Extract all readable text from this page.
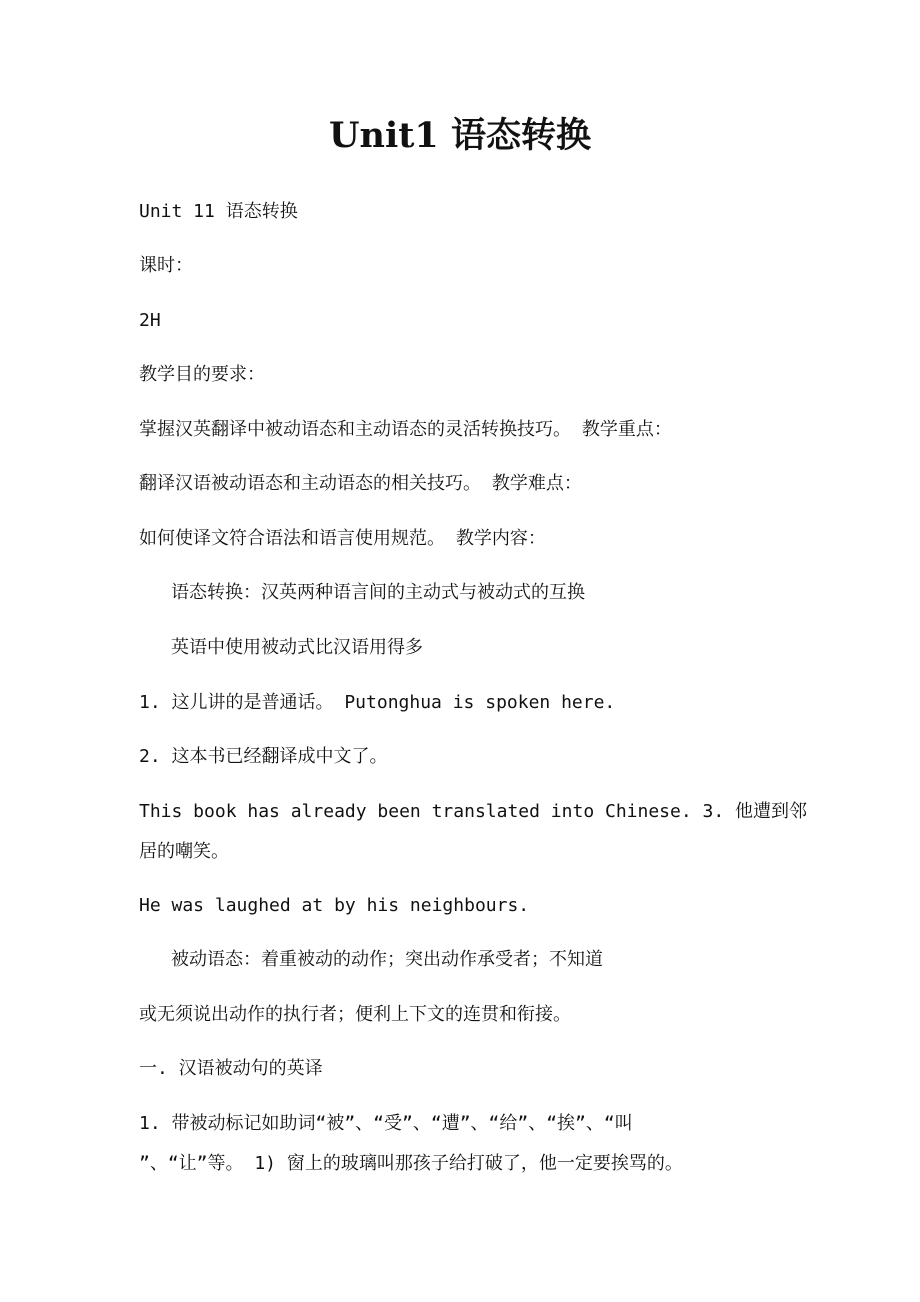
Unit1 语态转换

Unit 11 语态转换

课时：

2H

教学目的要求：

掌握汉英翻译中被动语态和主动语态的灵活转换技巧。 教学重点：

翻译汉语被动语态和主动语态的相关技巧。 教学难点：

如何使译文符合语法和语言使用规范。 教学内容：

语态转换：汉英两种语言间的主动式与被动式的互换

英语中使用被动式比汉语用得多

1. 这儿讲的是普通话。 Putonghua is spoken here.

2. 这本书已经翻译成中文了。

This book has already been translated into Chinese. 3. 他遭到邻

居的嘲笑。

He was laughed at by his neighbours.

被动语态：着重被动的动作；突出动作承受者；不知道

或无须说出动作的执行者；便利上下文的连贯和衔接。

一. 汉语被动句的英译

1. 带被动标记如助词“被”、“受”、“遭”、“给”、“挨”、“叫

”、“让”等。 1) 窗上的玻璃叫那孩子给打破了，他一定要挨骂的。
